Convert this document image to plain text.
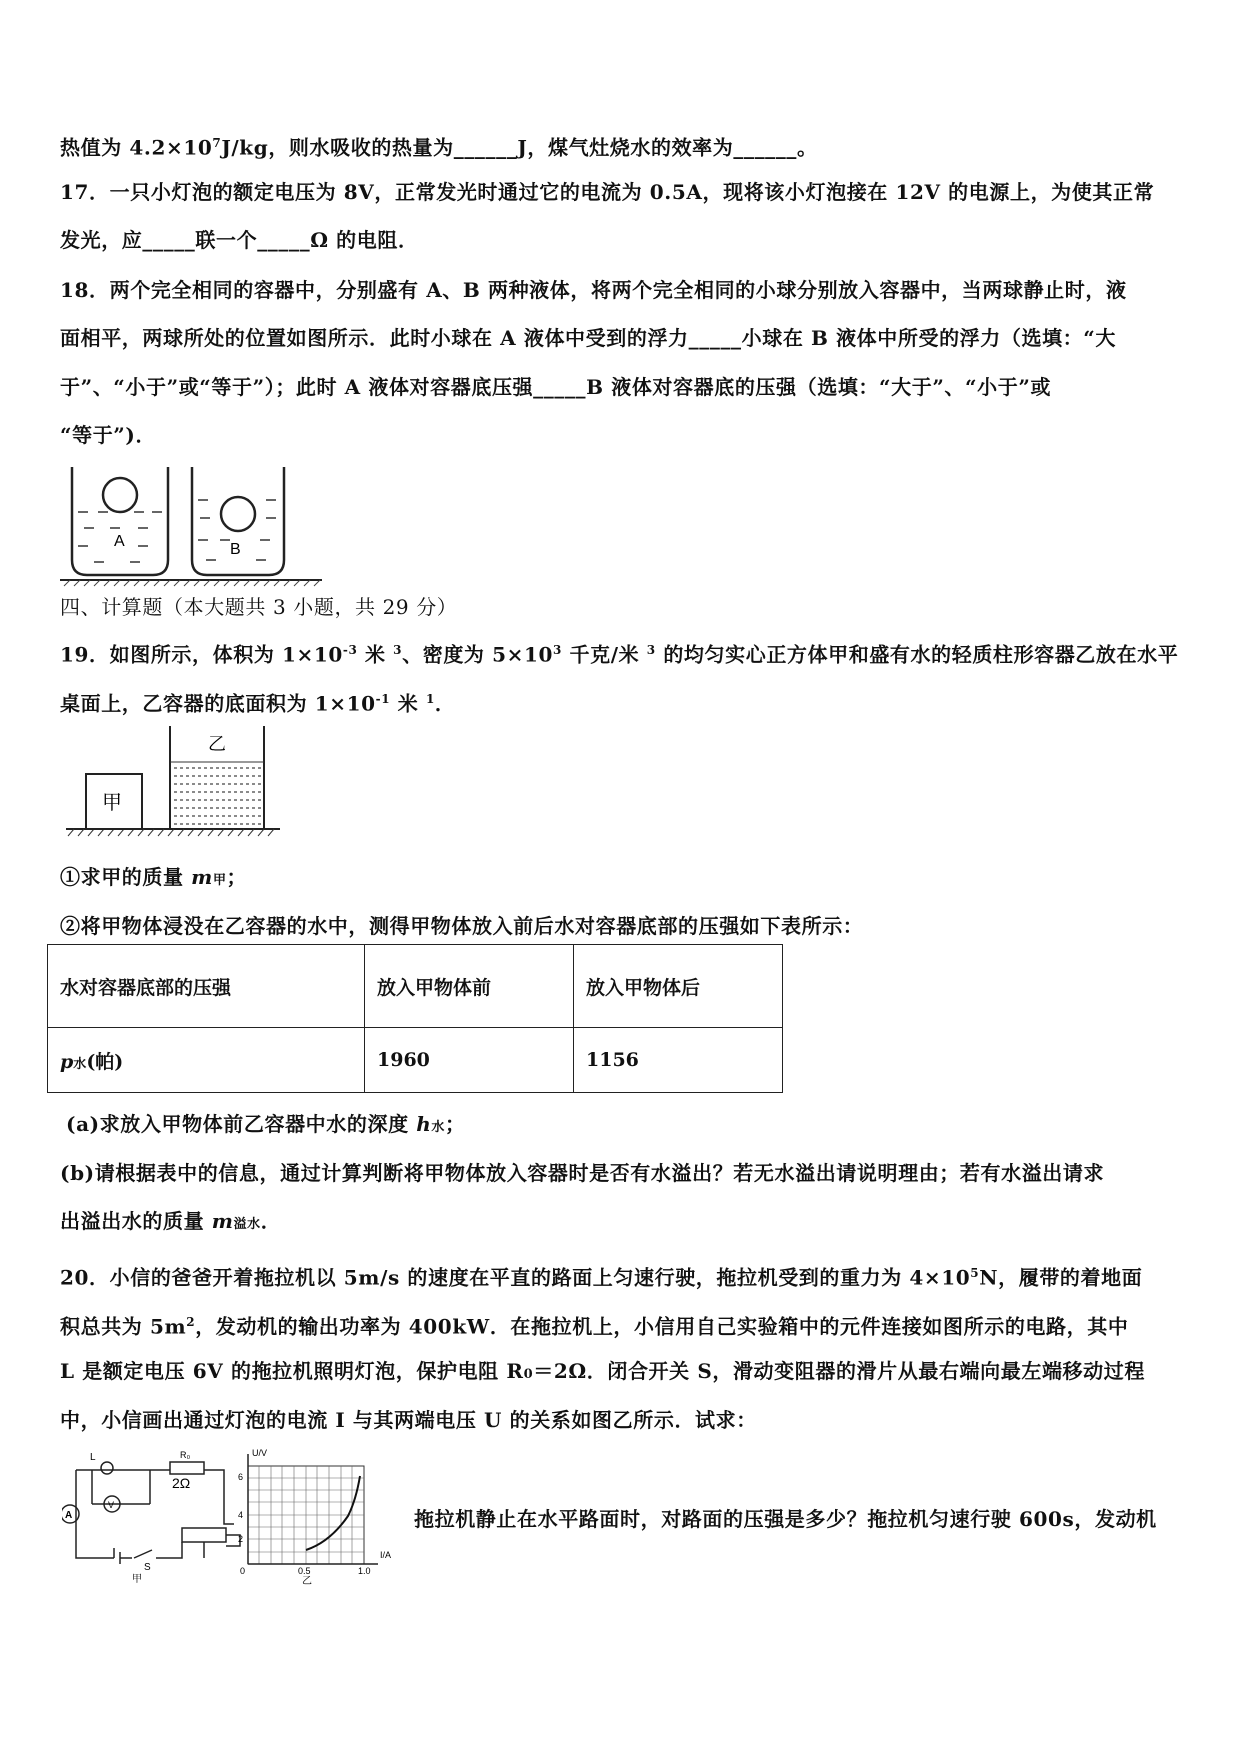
热值为 $4.2\times 10^7J/kg$，则水吸收的热量为______J，煤气灶烧水的效率为______。
17．一只小灯泡的额定电压为 8V，正常发光时通过它的电流为 0.5A，现将该小灯泡接在 12V 的电源上，为使其正常
发光，应_____联一个_____Ω 的电阻．
18．两个完全相同的容器中，分别盛有 A、B 两种液体，将两个完全相同的小球分别放入容器中，当两球静止时，液
面相平，两球所处的位置如图所示．此时小球在 A 液体中受到的浮力_____小球在 B 液体中所受的浮力（选填：“大
于”、“小于”或“等于”）；此时 A 液体对容器底压强_____B 液体对容器底的压强（选填：“大于”、“小于”或
“等于”)．
A	B
四、计算题（本大题共 3 小题，共 29 分）
19．如图所示，体积为 $1\times 10^{-3}$ 米 $^3$、密度为 $5\times 10^3$ 千克/米 $^3$ 的均匀实心正方体甲和盛有水的轻质柱形容器乙放在水平
桌面上，乙容器的底面积为 $1\times 10^{-1}$ 米 $^1$．
甲
乙
①求甲的质量 m甲；
②将甲物体浸没在乙容器的水中，测得甲物体放入前后水对容器底部的压强如下表所示：
水对容器底部的压强	放入甲物体前	放入甲物体后
p水(帕)	1960	1156
(a)求放入甲物体前乙容器中水的深度 h水；
(b)请根据表中的信息，通过计算判断将甲物体放入容器时是否有水溢出？若无水溢出请说明理由；若有水溢出请求
出溢出水的质量 m溢水．
20．小信的爸爸开着拖拉机以 5m/s 的速度在平直的路面上匀速行驶，拖拉机受到的重力为 $4\times 10^5N$，履带的着地面
积总共为 $5m^2$，发动机的输出功率为 400kW．在拖拉机上，小信用自己实验箱中的元件连接如图所示的电路，其中
L 是额定电压 6V 的拖拉机照明灯泡，保护电阻 R0＝2Ω．闭合开关 S，滑动变阻器的滑片从最右端向最左端移动过程
中，小信画出通过灯泡的电流 I 与其两端电压 U 的关系如图乙所示．试求：
L	R₀
2Ω
A
V
S
甲
U/V
6
4
2
0	0.5	1.0
I/A
乙
拖拉机静止在水平路面时，对路面的压强是多少？拖拉机匀速行驶 600s，发动机
